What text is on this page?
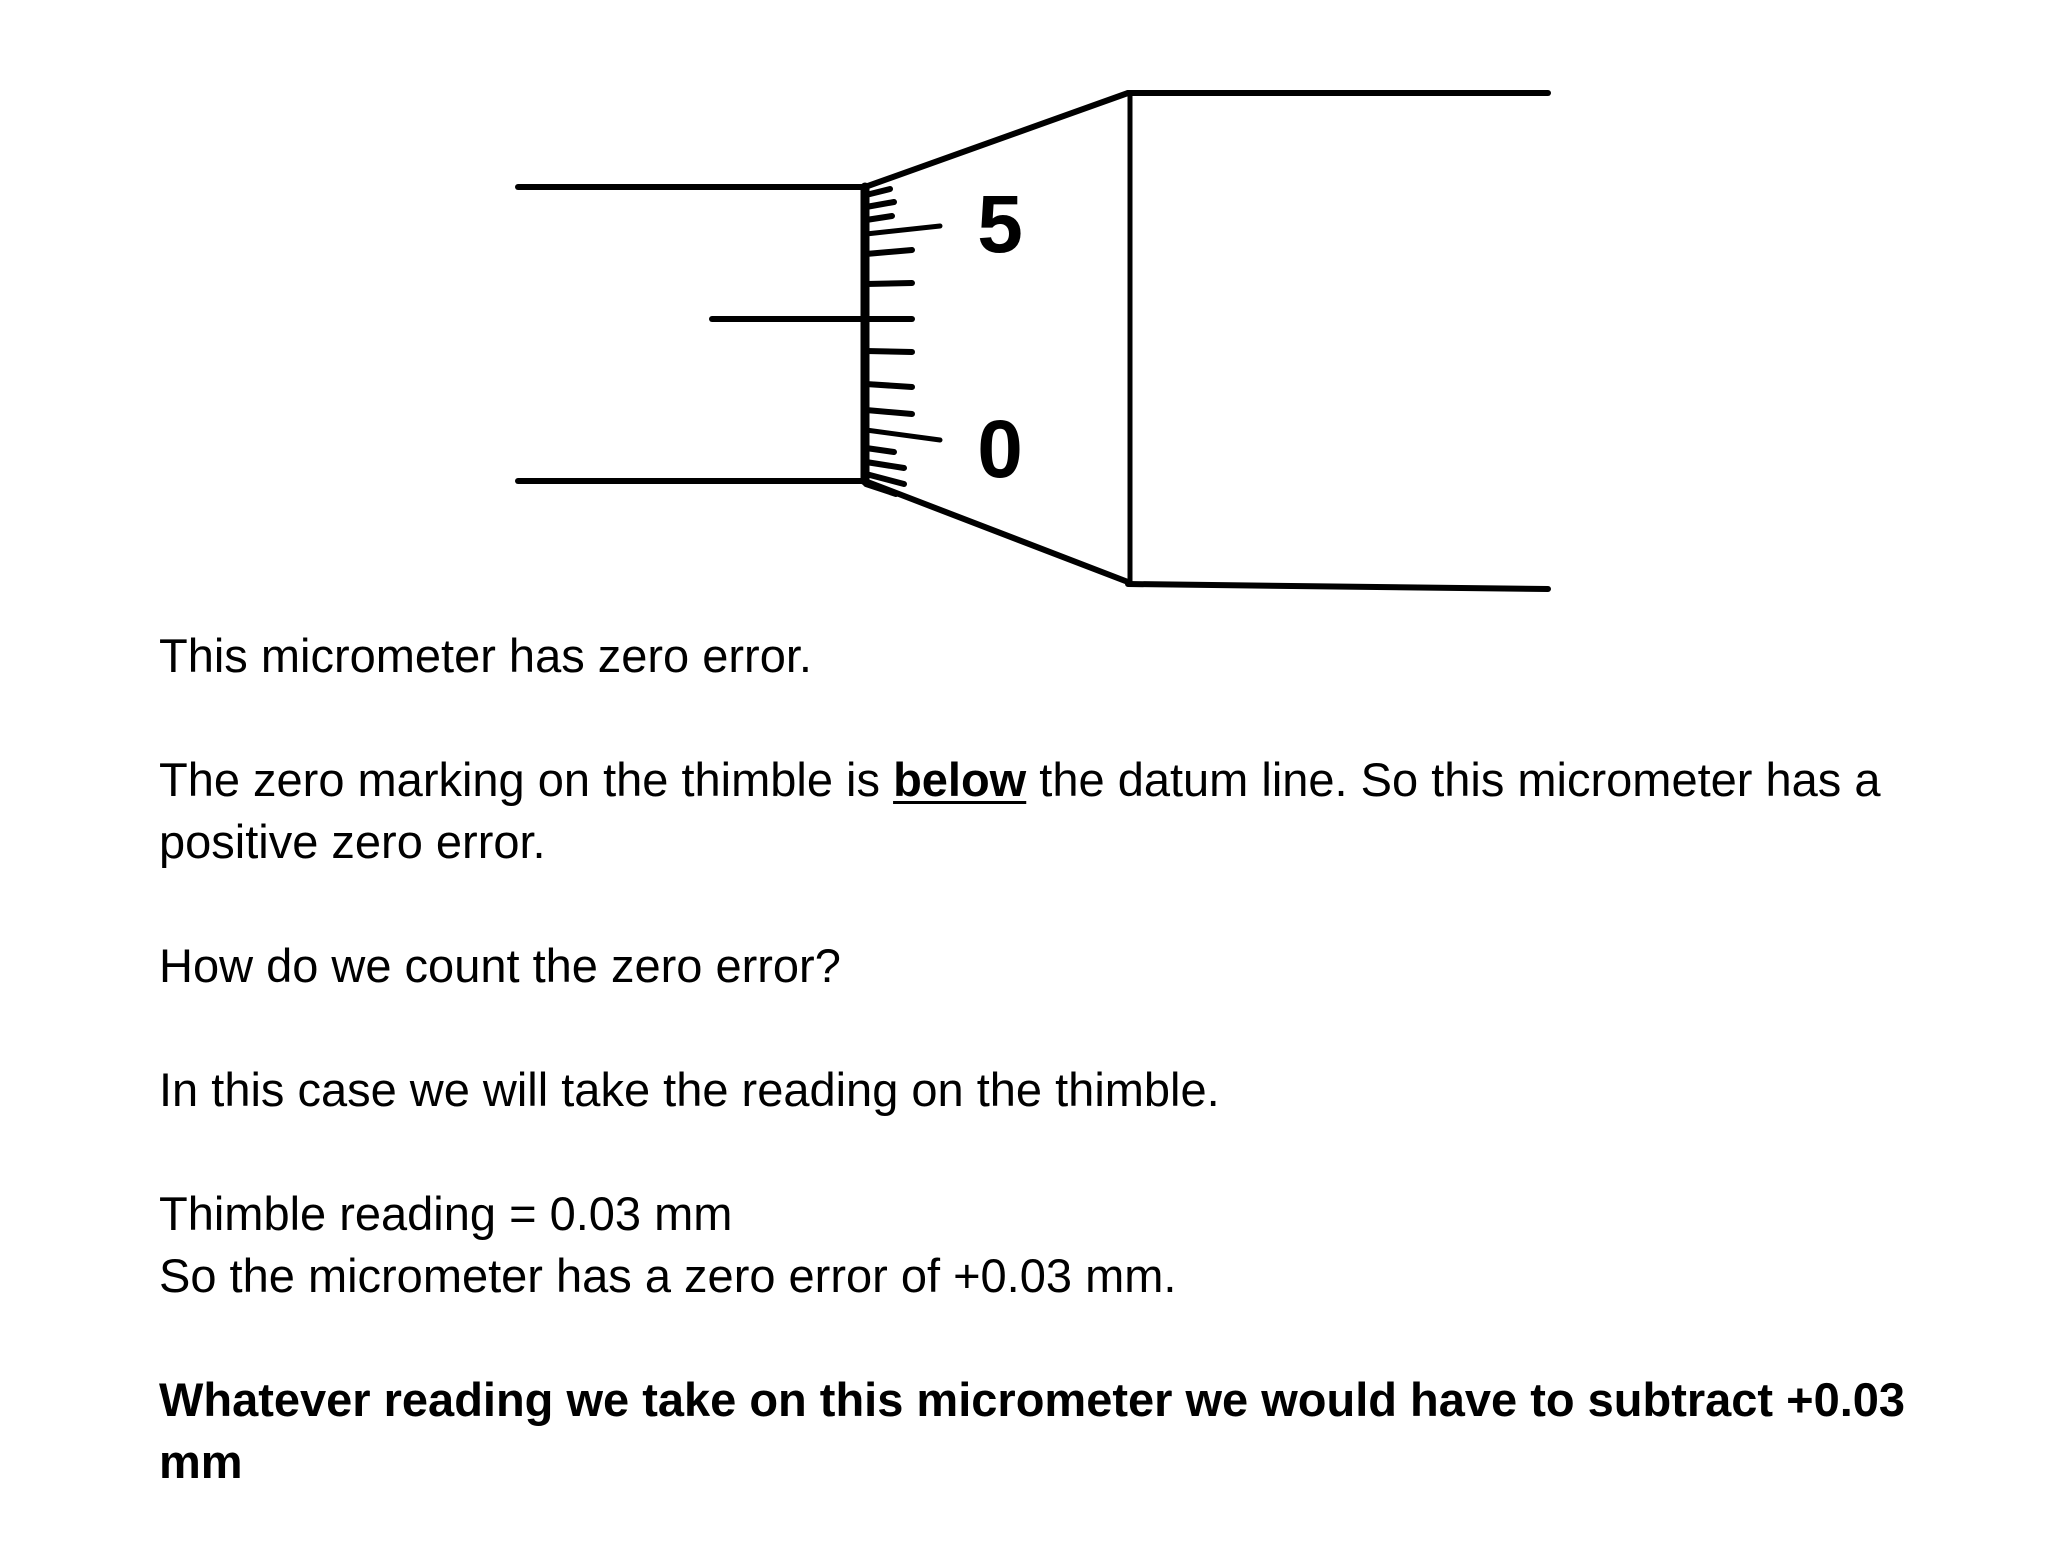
5
0

This micrometer has zero error.

The zero marking on the thimble is below the datum line. So this micrometer has a positive zero error.

How do we count the zero error?

In this case we will take the reading on the thimble.

Thimble reading = 0.03 mm
So the micrometer has a zero error of +0.03 mm.

Whatever reading we take on this micrometer we would have to subtract +0.03 mm
